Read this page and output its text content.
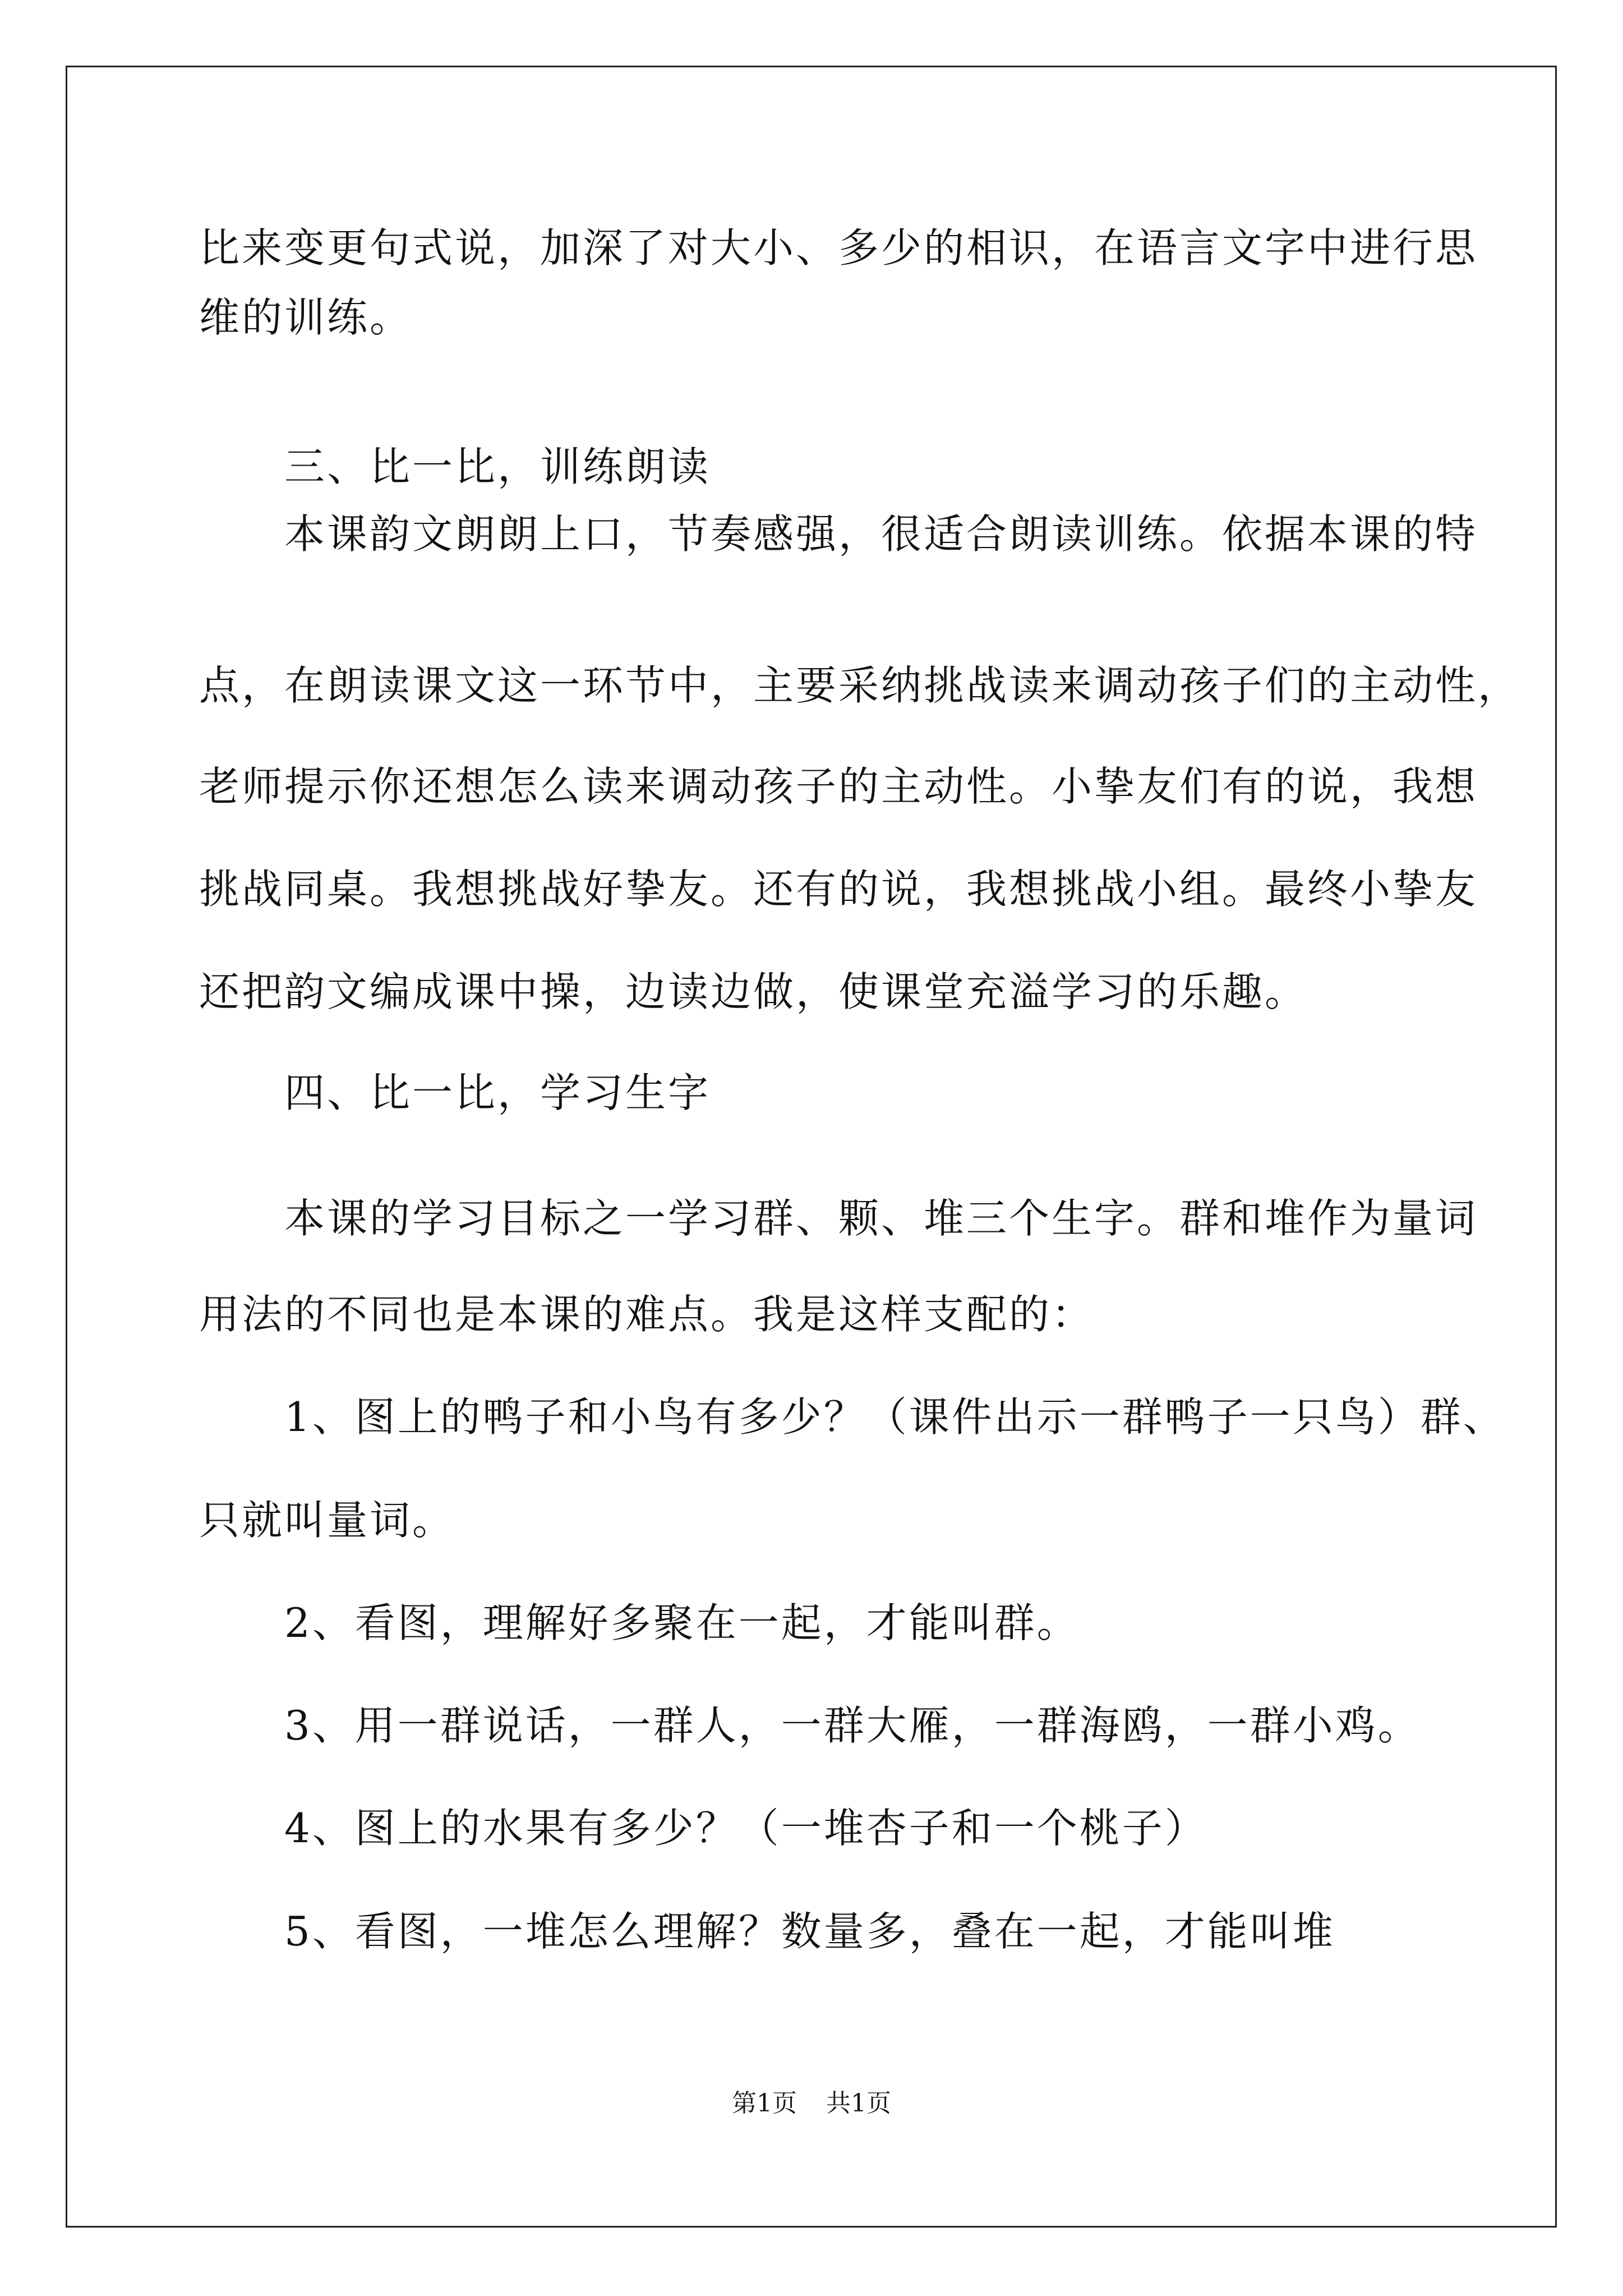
比来变更句式说，加深了对大小、多少的相识，在语言文字中进行思
维的训练。
　　三、比一比，训练朗读
　　本课韵文朗朗上口，节奏感强，很适合朗读训练。依据本课的特
点，在朗读课文这一环节中，主要采纳挑战读来调动孩子们的主动性，
老师提示你还想怎么读来调动孩子的主动性。小挚友们有的说，我想
挑战同桌。我想挑战好挚友。还有的说，我想挑战小组。最终小挚友
还把韵文编成课中操，边读边做，使课堂充溢学习的乐趣。
　　四、比一比，学习生字
　　本课的学习目标之一学习群、颗、堆三个生字。群和堆作为量词
用法的不同也是本课的难点。我是这样支配的：
　　1、图上的鸭子和小鸟有多少？（课件出示一群鸭子一只鸟）群、
只就叫量词。
　　2、看图，理解好多聚在一起，才能叫群。
　　3、用一群说话，一群人，一群大雁，一群海鸥，一群小鸡。
　　4、图上的水果有多少？（一堆杏子和一个桃子）
　　5、看图，一堆怎么理解？数量多，叠在一起，才能叫堆
第1页 共1页
